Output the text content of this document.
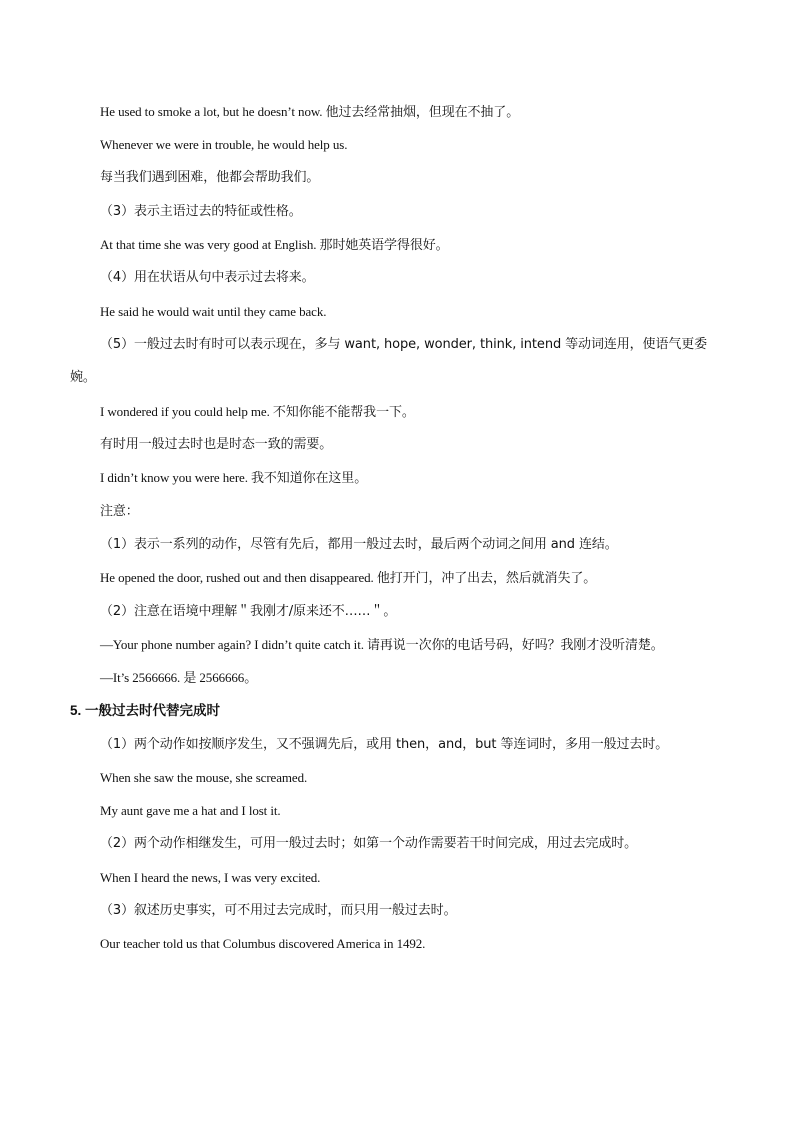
He used to smoke a lot, but he doesn’t now. 他过去经常抽烟，但现在不抽了。
Whenever we were in trouble, he would help us.
每当我们遇到困难，他都会帮助我们。
（3）表示主语过去的特征或性格。
At that time she was very good at English. 那时她英语学得很好。
（4）用在状语从句中表示过去将来。
He said he would wait until they came back.
（5）一般过去时有时可以表示现在，多与 want, hope, wonder, think, intend 等动词连用，使语气更委
婉。
I wondered if you could help me. 不知你能不能帮我一下。
有时用一般过去时也是时态一致的需要。
I didn’t know you were here. 我不知道你在这里。
注意：
（1）表示一系列的动作，尽管有先后，都用一般过去时，最后两个动词之间用 and 连结。
He opened the door, rushed out and then disappeared. 他打开门，冲了出去，然后就消失了。
（2）注意在语境中理解＂我刚才/原来还不……＂。
—Your phone number again? I didn’t quite catch it. 请再说一次你的电话号码，好吗？我刚才没听清楚。
—It’s 2566666. 是 2566666。
5. 一般过去时代替完成时
（1）两个动作如按顺序发生，又不强调先后，或用 then，and，but 等连词时，多用一般过去时。
When she saw the mouse, she screamed.
My aunt gave me a hat and I lost it.
（2）两个动作相继发生，可用一般过去时；如第一个动作需要若干时间完成，用过去完成时。
When I heard the news, I was very excited.
（3）叙述历史事实，可不用过去完成时，而只用一般过去时。
Our teacher told us that Columbus discovered America in 1492.
